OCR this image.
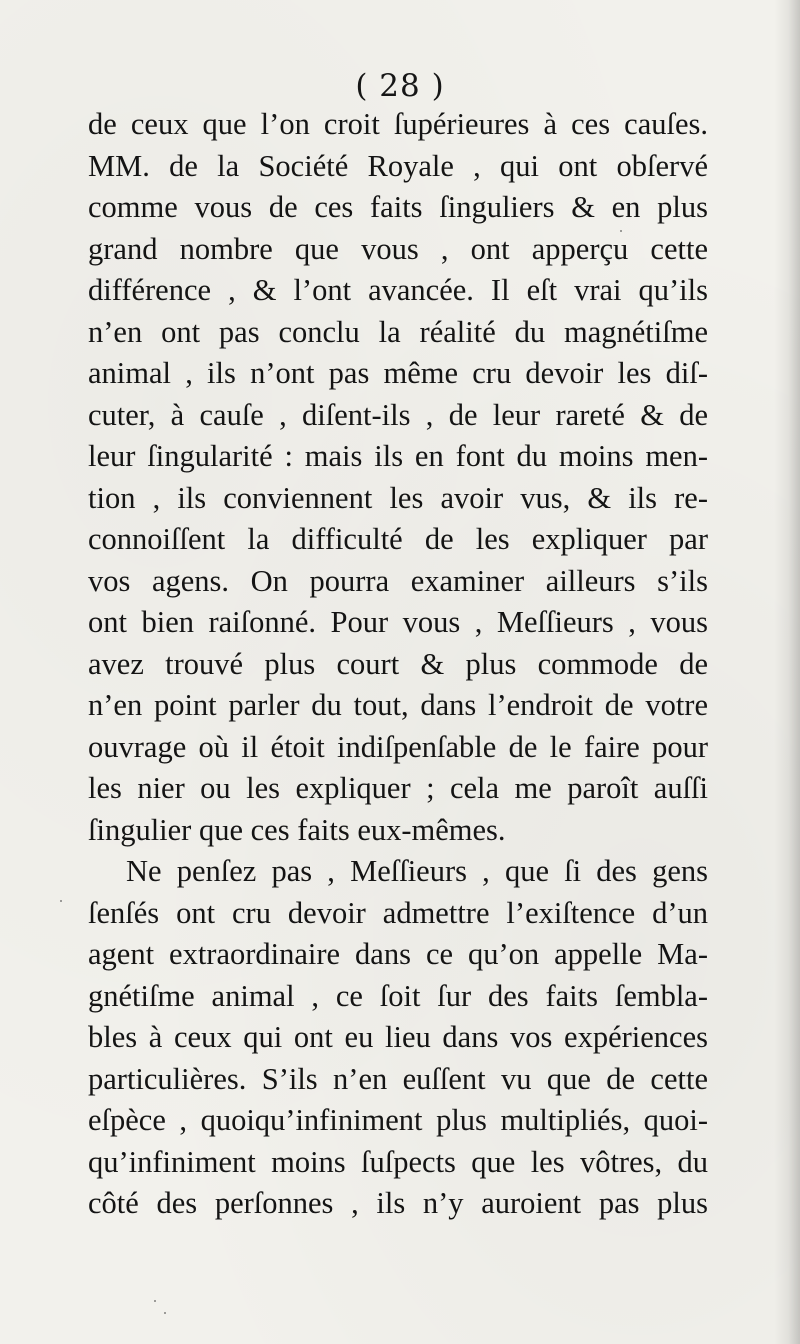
( 28 )
de ceux que l’on croit ſupérieures à ces cauſes.
MM. de la Société Royale , qui ont obſervé
comme vous de ces faits ſinguliers & en plus
grand nombre que vous , ont apperçu cette
différence , & l’ont avancée. Il eſt vrai qu’ils
n’en ont pas conclu la réalité du magnétiſme
animal , ils n’ont pas même cru devoir les diſ-
cuter, à cauſe , diſent-ils , de leur rareté & de
leur ſingularité : mais ils en font du moins men-
tion , ils conviennent les avoir vus, & ils re-
connoiſſent la difficulté de les expliquer par
vos agens. On pourra examiner ailleurs s’ils
ont bien raiſonné. Pour vous , Meſſieurs , vous
avez trouvé plus court & plus commode de
n’en point parler du tout, dans l’endroit de votre
ouvrage où il étoit indiſpenſable de le faire pour
les nier ou les expliquer ; cela me paroît auſſi
ſingulier que ces faits eux-mêmes.
Ne penſez pas , Meſſieurs , que ſi des gens
ſenſés ont cru devoir admettre l’exiſtence d’un
agent extraordinaire dans ce qu’on appelle Ma-
gnétiſme animal , ce ſoit ſur des faits ſembla-
bles à ceux qui ont eu lieu dans vos expériences
particulières. S’ils n’en euſſent vu que de cette
eſpèce , quoiqu’infiniment plus multipliés, quoi-
qu’infiniment moins ſuſpects que les vôtres, du
côté des perſonnes , ils n’y auroient pas plus
